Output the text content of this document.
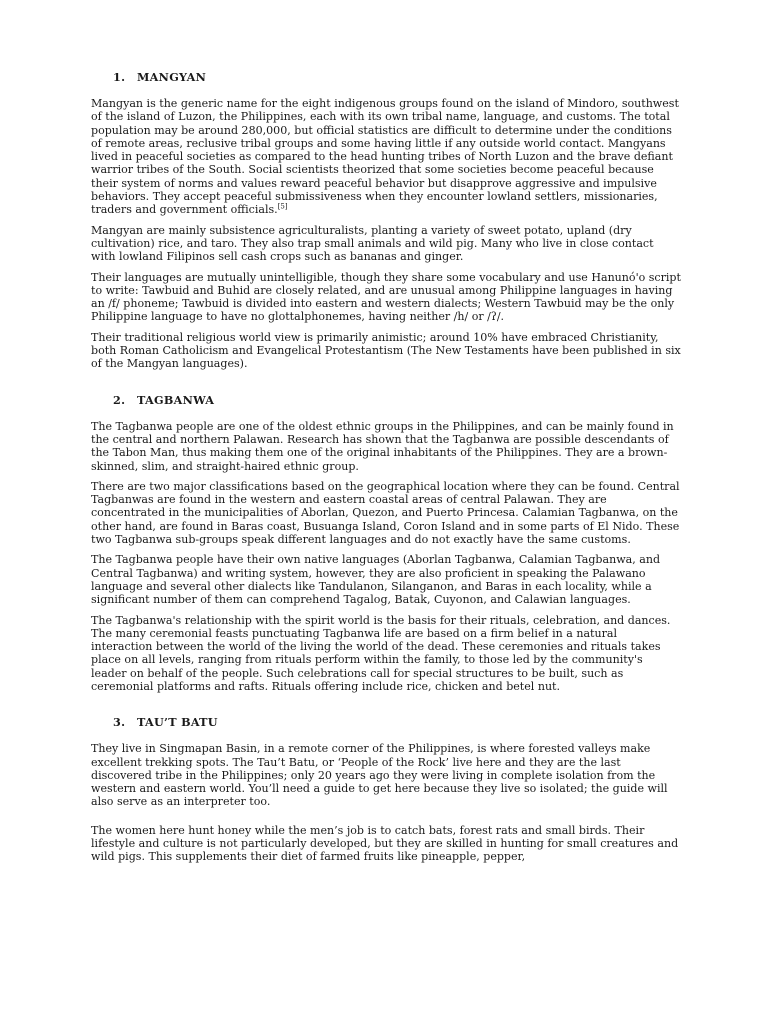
1.	MANGYAN

Mangyan is the generic name for the eight indigenous groups found on the island of Mindoro, southwest of the island of Luzon, the Philippines, each with its own tribal name, language, and customs. The total population may be around 280,000, but official statistics are difficult to determine under the conditions of remote areas, reclusive tribal groups and some having little if any outside world contact. Mangyans lived in peaceful societies as compared to the head hunting tribes of North Luzon and the brave defiant warrior tribes of the South. Social scientists theorized that some societies become peaceful because their system of norms and values reward peaceful behavior but disapprove aggressive and impulsive behaviors. They accept peaceful submissiveness when they encounter lowland settlers, missionaries, traders and government officials.[5]

Mangyan are mainly subsistence agriculturalists, planting a variety of sweet potato, upland (dry cultivation) rice, and taro. They also trap small animals and wild pig. Many who live in close contact with lowland Filipinos sell cash crops such as bananas and ginger.

Their languages are mutually unintelligible, though they share some vocabulary and use Hanunó'o script to write: Tawbuid and Buhid are closely related, and are unusual among Philippine languages in having an /f/ phoneme; Tawbuid is divided into eastern and western dialects; Western Tawbuid may be the only Philippine language to have no glottalphonemes, having neither /h/ or /ʔ/.

Their traditional religious world view is primarily animistic; around 10% have embraced Christianity, both Roman Catholicism and Evangelical Protestantism (The New Testaments have been published in six of the Mangyan languages).

2.	TAGBANWA

The Tagbanwa people are one of the oldest ethnic groups in the Philippines, and can be mainly found in the central and northern Palawan. Research has shown that the Tagbanwa are possible descendants of the Tabon Man, thus making them one of the original inhabitants of the Philippines. They are a brown-skinned, slim, and straight-haired ethnic group.

There are two major classifications based on the geographical location where they can be found. Central Tagbanwas are found in the western and eastern coastal areas of central Palawan. They are concentrated in the municipalities of Aborlan, Quezon, and Puerto Princesa. Calamian Tagbanwa, on the other hand, are found in Baras coast, Busuanga Island, Coron Island and in some parts of El Nido. These two Tagbanwa sub-groups speak different languages and do not exactly have the same customs.

The Tagbanwa people have their own native languages (Aborlan Tagbanwa, Calamian Tagbanwa, and Central Tagbanwa) and writing system, however, they are also proficient in speaking the Palawano language and several other dialects like Tandulanon, Silanganon, and Baras in each locality, while a significant number of them can comprehend Tagalog, Batak, Cuyonon, and Calawian languages.

The Tagbanwa's relationship with the spirit world is the basis for their rituals, celebration, and dances. The many ceremonial feasts punctuating Tagbanwa life are based on a firm belief in a natural interaction between the world of the living the world of the dead. These ceremonies and rituals takes place on all levels, ranging from rituals perform within the family, to those led by the community's leader on behalf of the people. Such celebrations call for special structures to be built, such as ceremonial platforms and rafts. Rituals offering include rice, chicken and betel nut.

3.	TAU’T BATU

They live in Singmapan Basin, in a remote corner of the Philippines, is where forested valleys make excellent trekking spots. The Tau’t Batu, or ‘People of the Rock’ live here and they are the last discovered tribe in the Philippines; only 20 years ago they were living in complete isolation from the western and eastern world. You’ll need a guide to get here because they live so isolated; the guide will also serve as an interpreter too.

The women here hunt honey while the men’s job is to catch bats, forest rats and small birds. Their lifestyle and culture is not particularly developed, but they are skilled in hunting for small creatures and wild pigs. This supplements their diet of farmed fruits like pineapple, pepper,
